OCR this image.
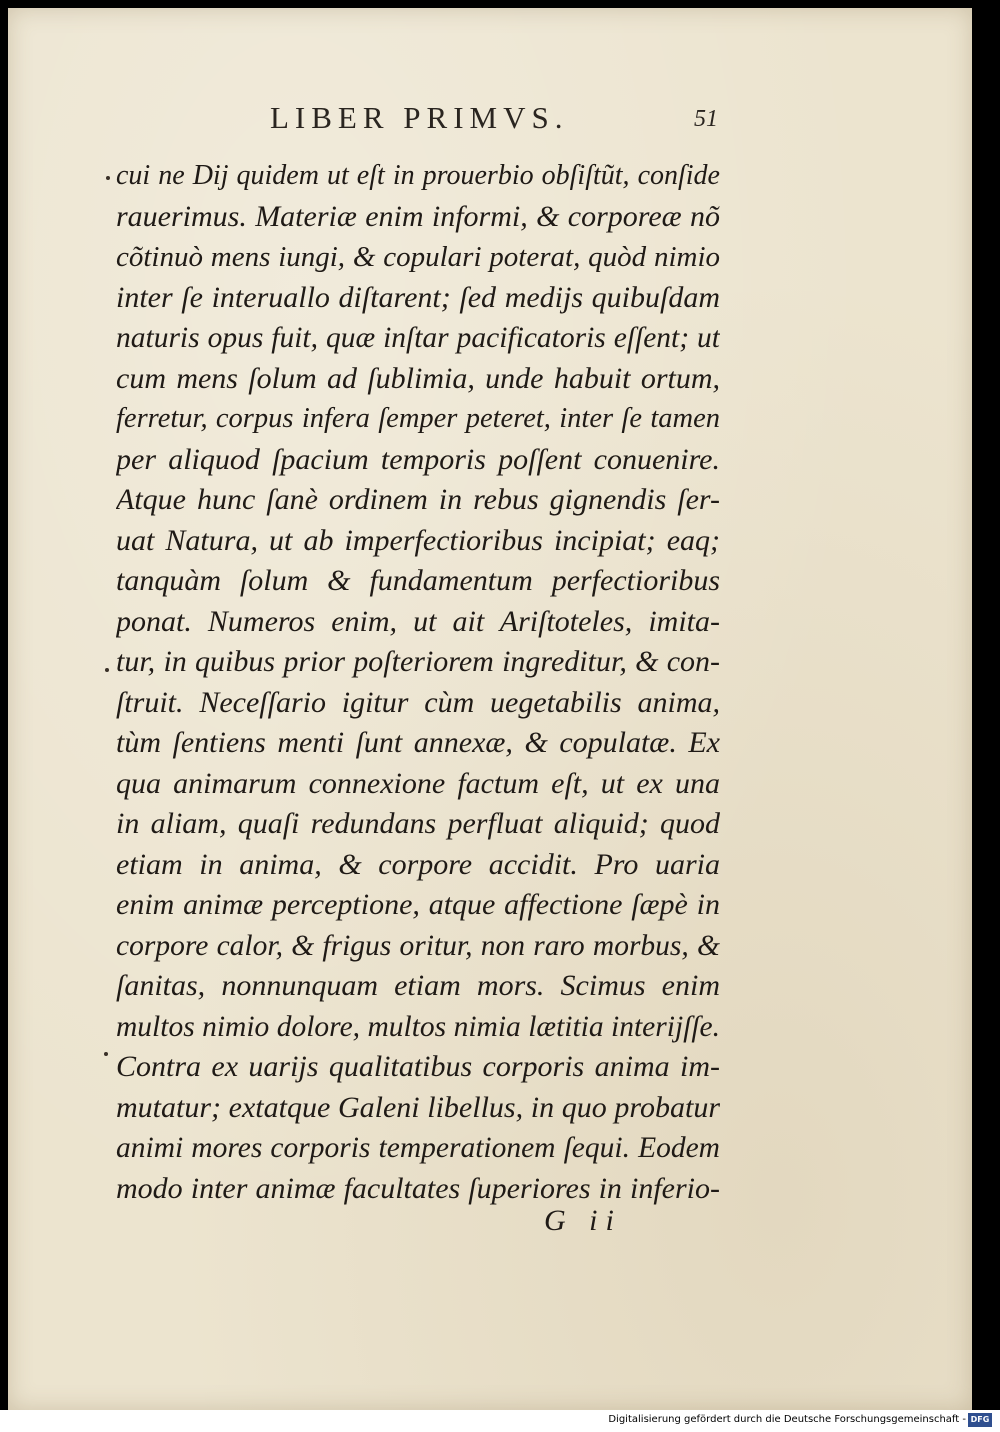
LIBER PRIMVS.	51
cui ne Dij quidem ut eſt in prouerbio obſiſtũt, conſide
rauerimus. Materiæ enim informi, & corporeæ nõ
cõtinuò mens iungi, & copulari poterat, quòd nimio
inter ſe interuallo diſtarent; ſed medijs quibuſdam
naturis opus fuit, quæ inſtar pacificatoris eſſent; ut
cum mens ſolum ad ſublimia, unde habuit ortum,
ferretur, corpus infera ſemper peteret, inter ſe tamen
per aliquod ſpacium temporis poſſent conuenire.
Atque hunc ſanè ordinem in rebus gignendis ſer-
uat Natura, ut ab imperfectioribus incipiat; eaq;
tanquàm ſolum & fundamentum perfectioribus
ponat. Numeros enim, ut ait Ariſtoteles, imita-
tur, in quibus prior poſteriorem ingreditur, & con-
ſtruit. Neceſſario igitur cùm uegetabilis anima,
tùm ſentiens menti ſunt annexæ, & copulatæ. Ex
qua animarum connexione factum eſt, ut ex una
in aliam, quaſi redundans perfluat aliquid; quod
etiam in anima, & corpore accidit. Pro uaria
enim animæ perceptione, atque affectione ſæpè in
corpore calor, & frigus oritur, non raro morbus, &
ſanitas, nonnunquam etiam mors. Scimus enim
multos nimio dolore, multos nimia lætitia interijſſe.
Contra ex uarijs qualitatibus corporis anima im-
mutatur; extatque Galeni libellus, in quo probatur
animi mores corporis temperationem ſequi. Eodem
modo inter animæ facultates ſuperiores in inferio-
G ii
Digitalisierung gefördert durch die Deutsche Forschungsgemeinschaft - DFG
